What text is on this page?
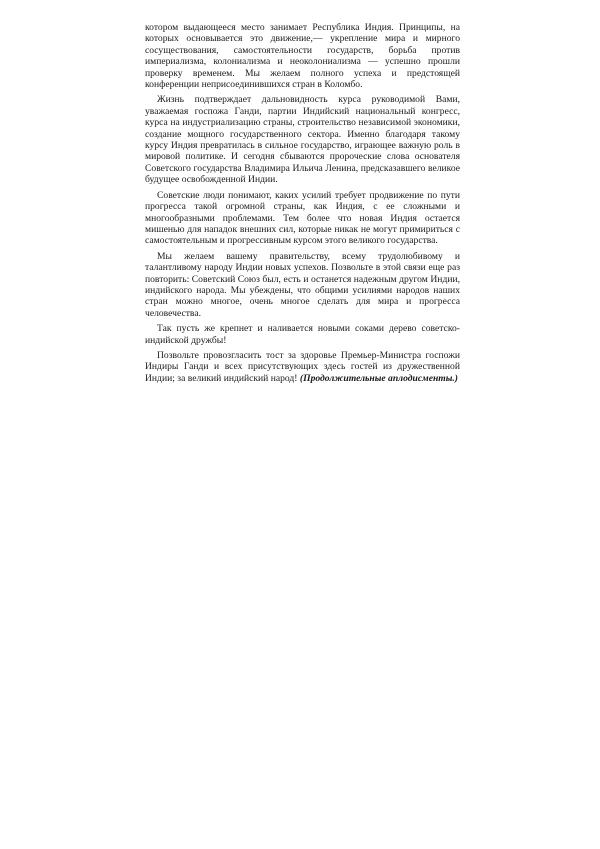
котором выдающееся место занимает Республика Индия. Принципы, на которых основывается это движение,— укрепление мира и мирного сосуществования, самостоятельности государств, борьба против империализма, колониализма и неоколониализма — успешно прошли проверку временем. Мы желаем полного успеха и предстоящей конференции неприсоединившихся стран в Коломбо.

Жизнь подтверждает дальновидность курса руководимой Вами, уважаемая госпожа Ганди, партии Индийский национальный конгресс, курса на индустриализацию страны, строительство независимой экономики, создание мощного государственного сектора. Именно благодаря такому курсу Индия превратилась в сильное государство, играющее важную роль в мировой политике. И сегодня сбываются пророческие слова основателя Советского государства Владимира Ильича Ленина, предсказавшего великое будущее освобожденной Индии.

Советские люди понимают, каких усилий требует продвижение по пути прогресса такой огромной страны, как Индия, с ее сложными и многообразными проблемами. Тем более что новая Индия остается мишенью для нападок внешних сил, которые никак не могут примириться с самостоятельным и прогрессивным курсом этого великого государства.

Мы желаем вашему правительству, всему трудолюбивому и талантливому народу Индии новых успехов. Позвольте в этой связи еще раз повторить: Советский Союз был, есть и останется надежным другом Индии, индийского народа. Мы убеждены, что общими усилиями народов наших стран можно многое, очень многое сделать для мира и прогресса человечества.

Так пусть же крепнет и наливается новыми соками дерево советско-индийской дружбы!

Позвольте провозгласить тост за здоровье Премьер-Министра госпожи Индиры Ганди и всех присутствующих здесь гостей из дружественной Индии; за великий индийский народ! (Продолжительные аплодисменты.)
